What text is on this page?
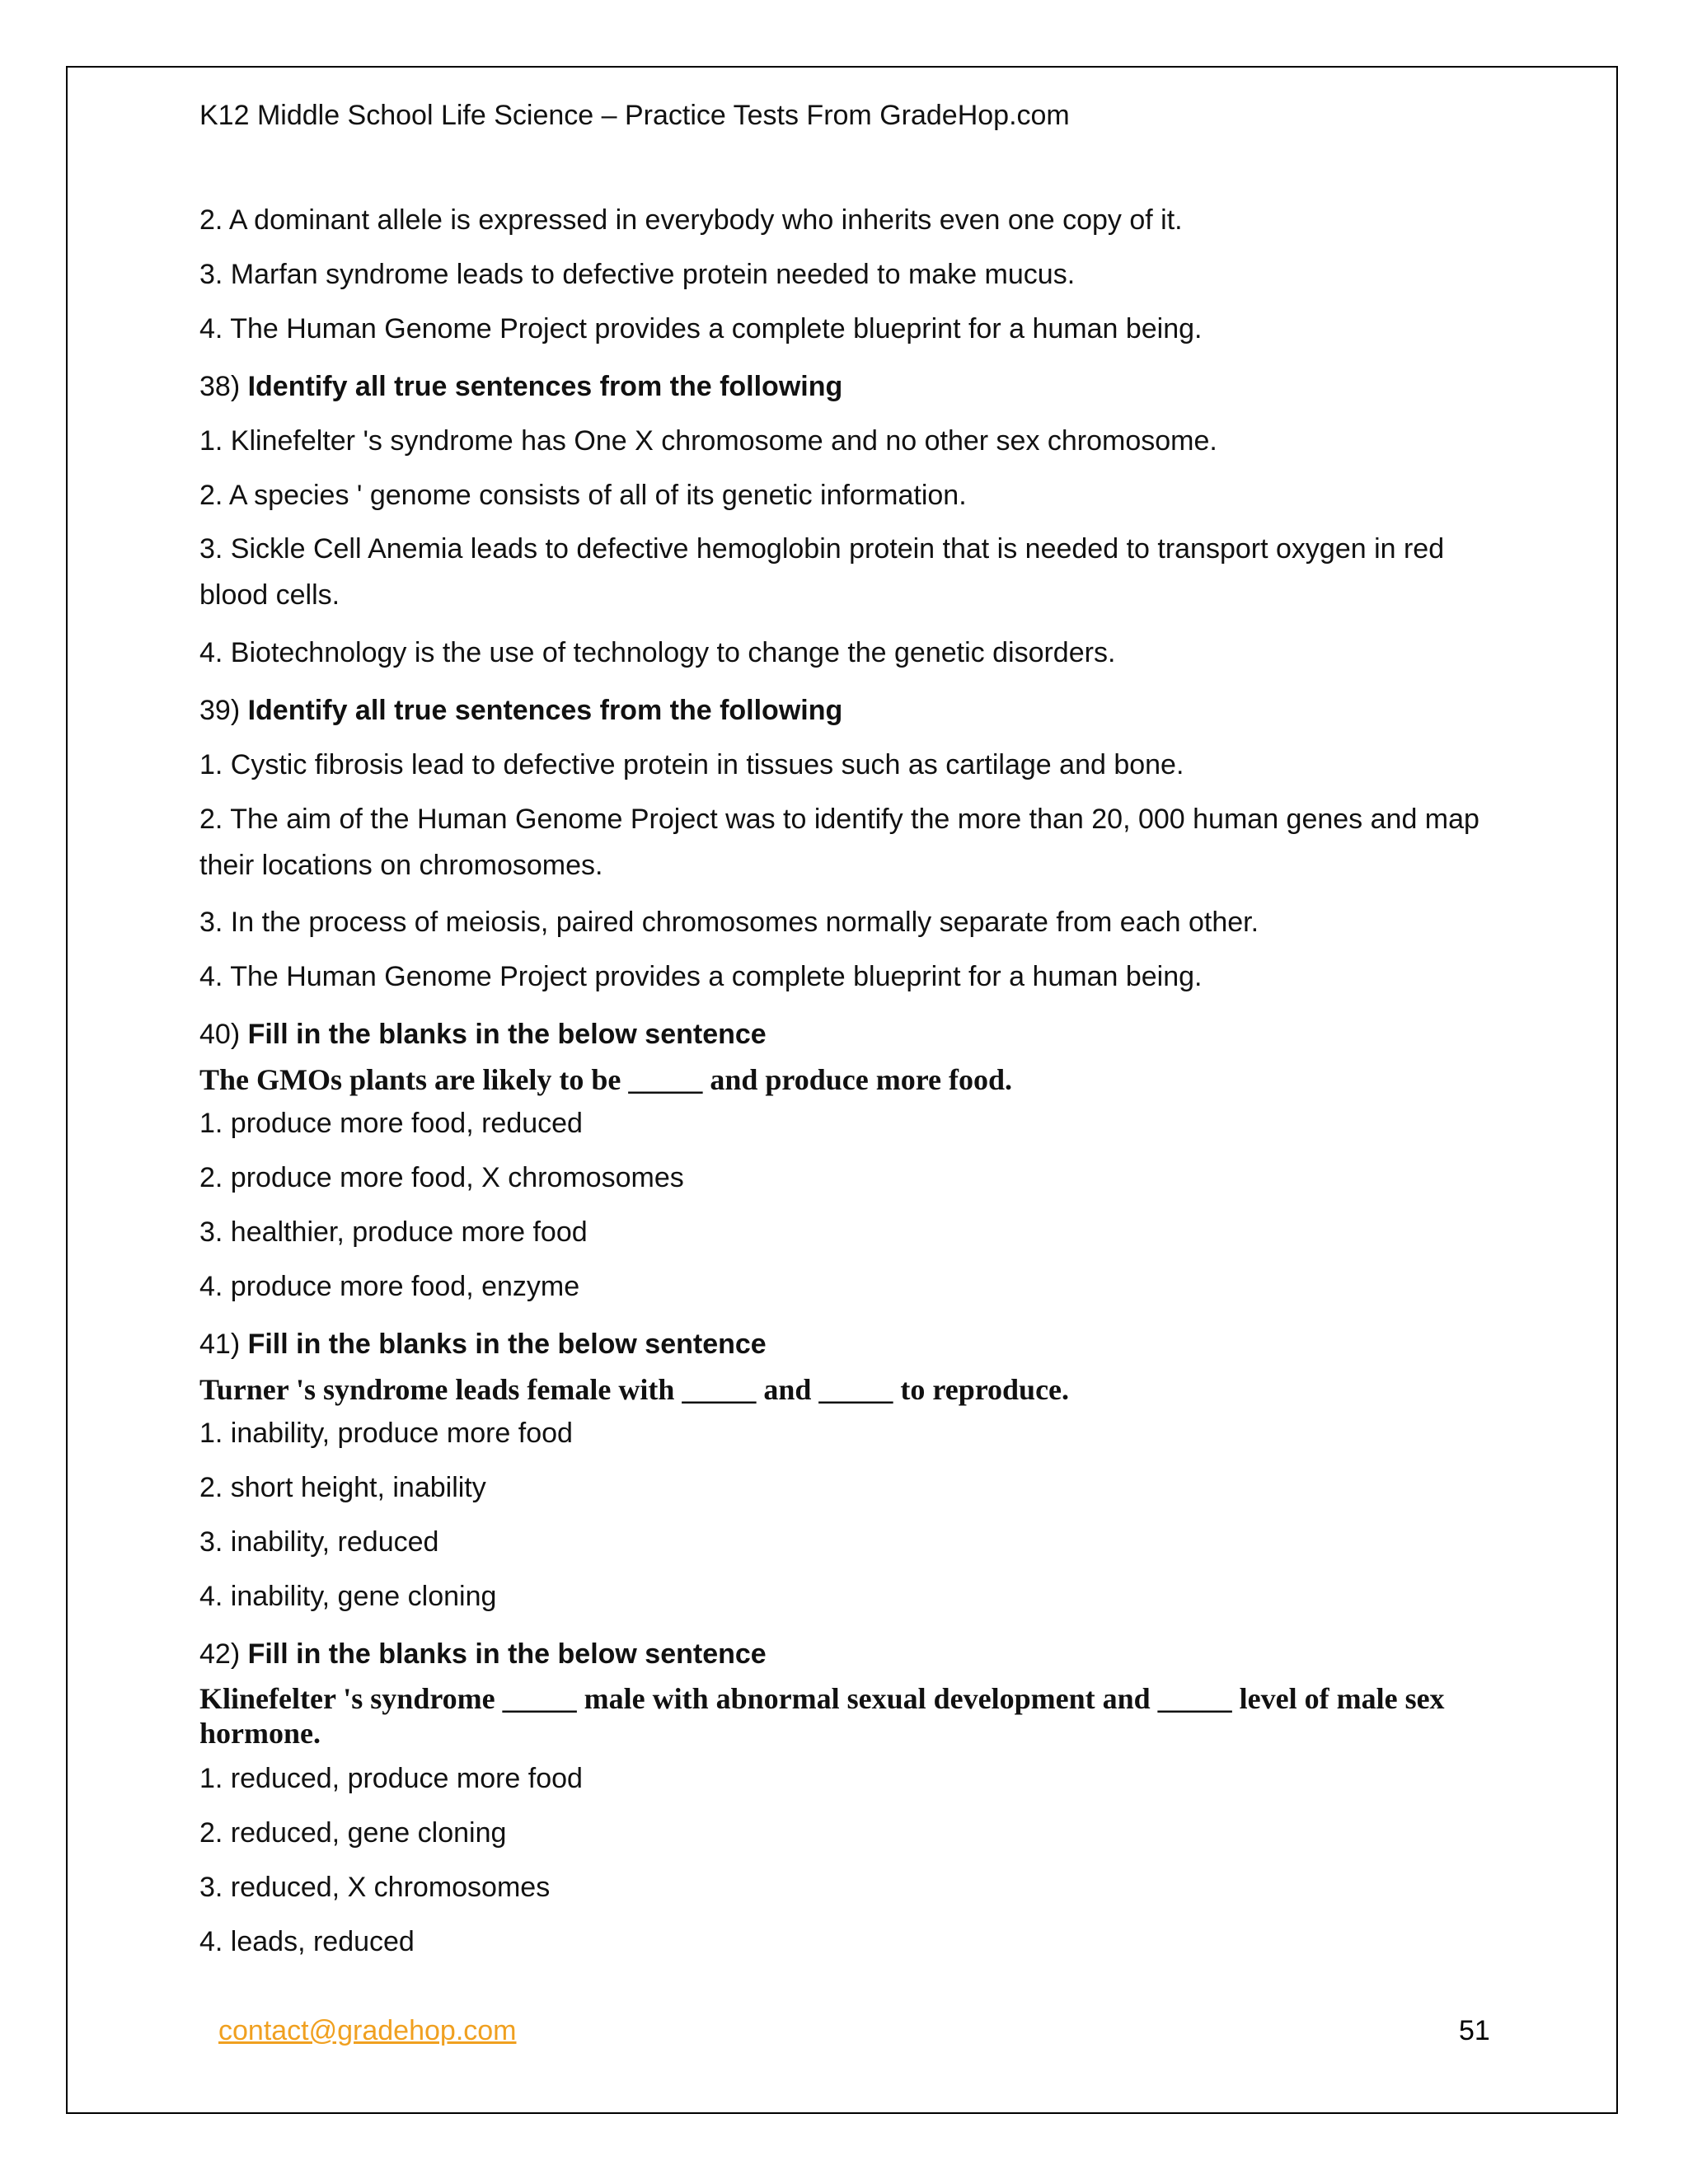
K12 Middle School Life Science – Practice Tests From GradeHop.com
2. A dominant allele is expressed in everybody who inherits even one copy of it.
3. Marfan syndrome leads to defective protein needed to make mucus.
4. The Human Genome Project provides a complete blueprint for a human being.
38) Identify all true sentences from the following
1. Klinefelter 's syndrome has One X chromosome and no other sex chromosome.
2. A species ' genome consists of all of its genetic information.
3. Sickle Cell Anemia leads to defective hemoglobin protein that is needed to transport oxygen in red blood cells.
4. Biotechnology is the use of technology to change the genetic disorders.
39) Identify all true sentences from the following
1. Cystic fibrosis lead to defective protein in tissues such as cartilage and bone.
2. The aim of the Human Genome Project was to identify the more than 20, 000 human genes and map their locations on chromosomes.
3. In the process of meiosis, paired chromosomes normally separate from each other.
4. The Human Genome Project provides a complete blueprint for a human being.
40) Fill in the blanks in the below sentence
The GMOs plants are likely to be _____ and produce more food.
1. produce more food, reduced
2. produce more food, X chromosomes
3. healthier, produce more food
4. produce more food, enzyme
41) Fill in the blanks in the below sentence
Turner 's syndrome leads female with _____ and _____ to reproduce.
1. inability, produce more food
2. short height, inability
3. inability, reduced
4. inability, gene cloning
42) Fill in the blanks in the below sentence
Klinefelter 's syndrome _____ male with abnormal sexual development and _____ level of male sex hormone.
1. reduced, produce more food
2. reduced, gene cloning
3. reduced, X chromosomes
4. leads, reduced
contact@gradehop.com	51
